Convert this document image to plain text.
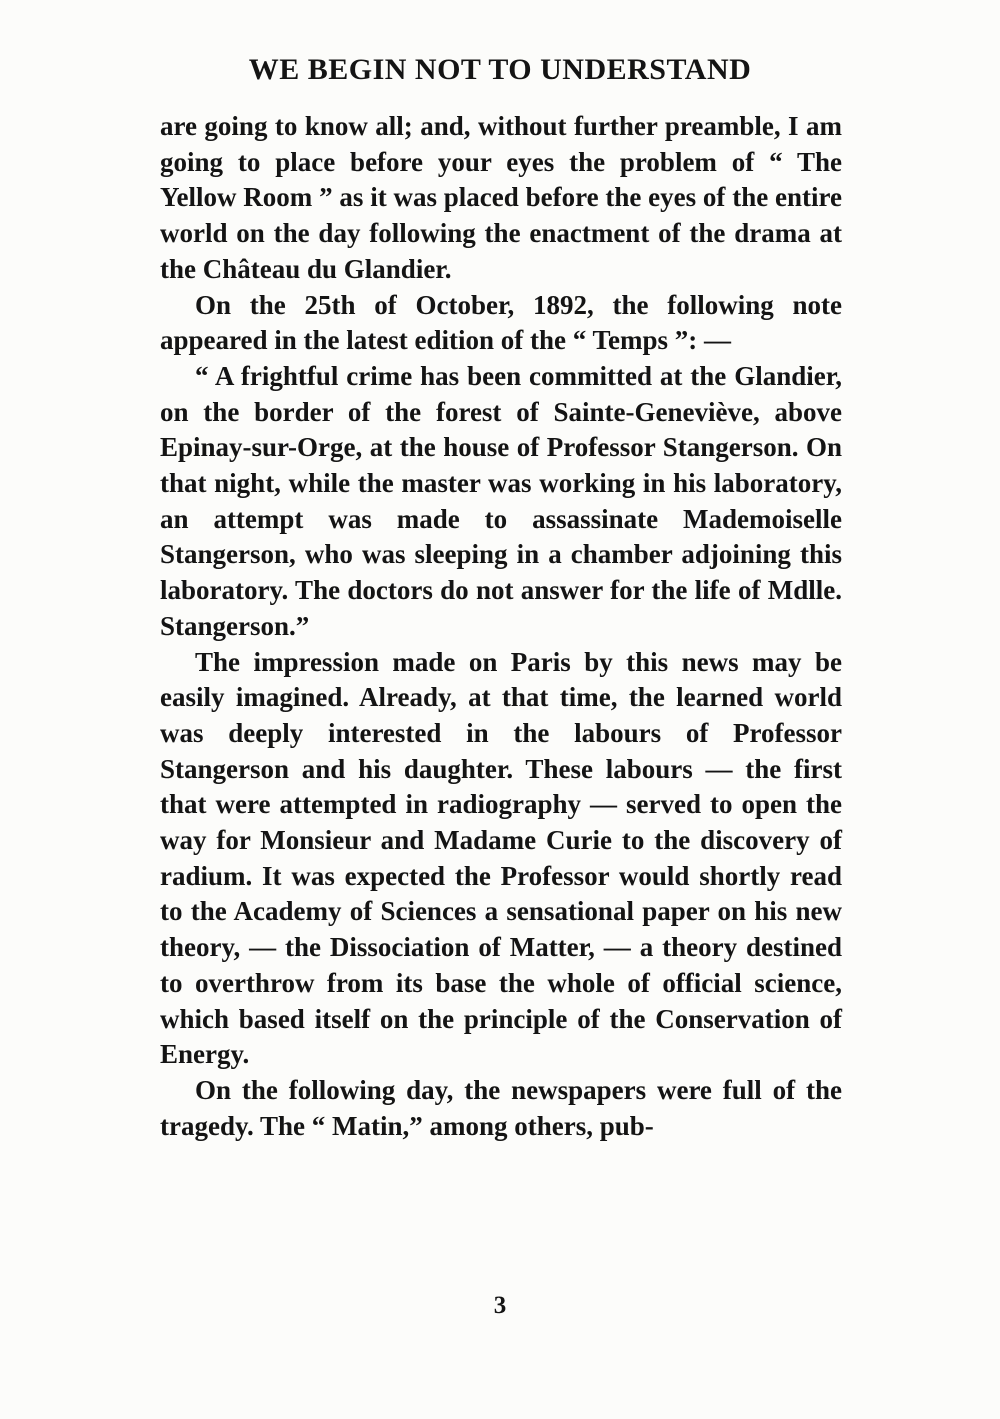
WE BEGIN NOT TO UNDERSTAND

are going to know all; and, without further preamble, I am going to place before your eyes the problem of “ The Yellow Room ” as it was placed before the eyes of the entire world on the day following the enactment of the drama at the Château du Glandier.

On the 25th of October, 1892, the following note appeared in the latest edition of the “ Temps ”: —

“ A frightful crime has been committed at the Glandier, on the border of the forest of Sainte-Geneviève, above Epinay-sur-Orge, at the house of Professor Stangerson. On that night, while the master was working in his laboratory, an attempt was made to assassinate Mademoiselle Stangerson, who was sleeping in a chamber adjoining this laboratory. The doctors do not answer for the life of Mdlle. Stangerson.”

The impression made on Paris by this news may be easily imagined. Already, at that time, the learned world was deeply interested in the labours of Professor Stangerson and his daughter. These labours — the first that were attempted in radiography — served to open the way for Monsieur and Madame Curie to the discovery of radium. It was expected the Professor would shortly read to the Academy of Sciences a sensational paper on his new theory, — the Dissociation of Matter, — a theory destined to overthrow from its base the whole of official science, which based itself on the principle of the Conservation of Energy.

On the following day, the newspapers were full of the tragedy. The “ Matin,” among others, pub-

3
